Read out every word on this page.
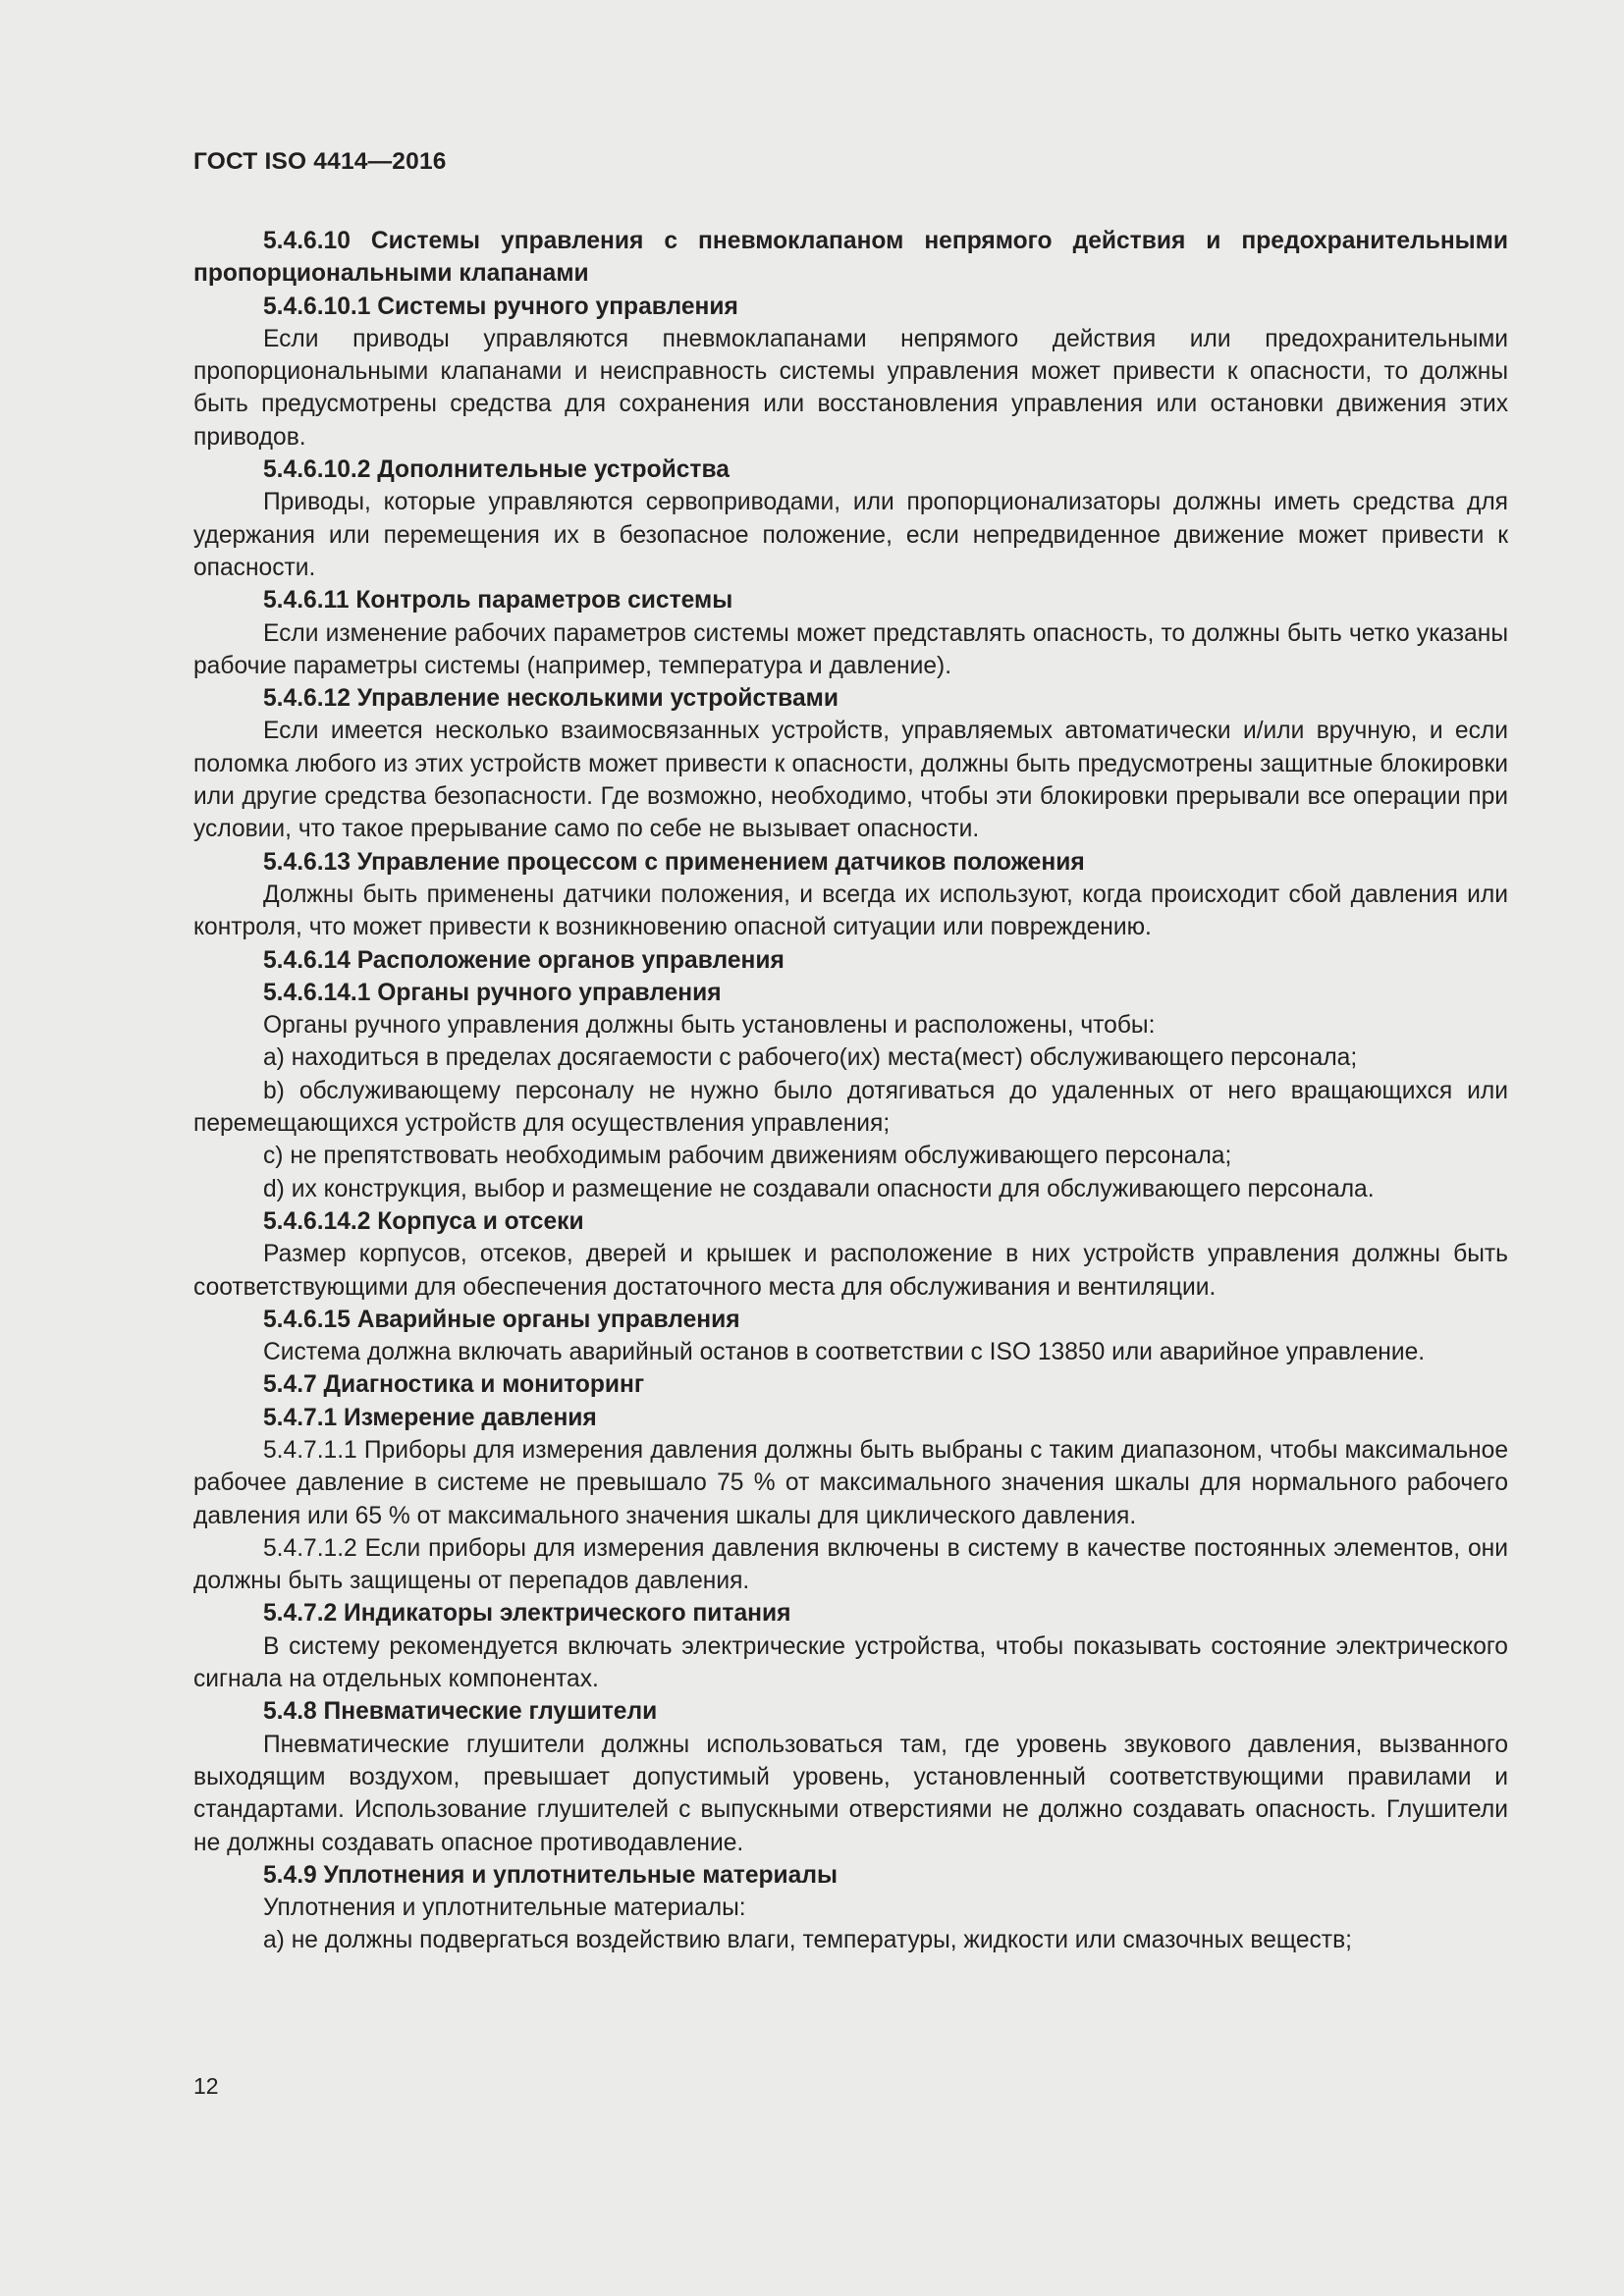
ГОСТ ISO 4414—2016

5.4.6.10 Системы управления с пневмоклапаном непрямого действия и предохранительными пропорциональными клапанами

5.4.6.10.1 Системы ручного управления

Если приводы управляются пневмоклапанами непрямого действия или предохранительными пропорциональными клапанами и неисправность системы управления может привести к опасности, то должны быть предусмотрены средства для сохранения или восстановления управления или остановки движения этих приводов.

5.4.6.10.2 Дополнительные устройства

Приводы, которые управляются сервоприводами, или пропорционализаторы должны иметь средства для удержания или перемещения их в безопасное положение, если непредвиденное движение может привести к опасности.

5.4.6.11 Контроль параметров системы

Если изменение рабочих параметров системы может представлять опасность, то должны быть четко указаны рабочие параметры системы (например, температура и давление).

5.4.6.12 Управление несколькими устройствами

Если имеется несколько взаимосвязанных устройств, управляемых автоматически и/или вручную, и если поломка любого из этих устройств может привести к опасности, должны быть предусмотрены защитные блокировки или другие средства безопасности. Где возможно, необходимо, чтобы эти блокировки прерывали все операции при условии, что такое прерывание само по себе не вызывает опасности.

5.4.6.13 Управление процессом с применением датчиков положения

Должны быть применены датчики положения, и всегда их используют, когда происходит сбой давления или контроля, что может привести к возникновению опасной ситуации или повреждению.

5.4.6.14 Расположение органов управления

5.4.6.14.1 Органы ручного управления

Органы ручного управления должны быть установлены и расположены, чтобы:

a) находиться в пределах досягаемости с рабочего(их) места(мест) обслуживающего персонала;

b) обслуживающему персоналу не нужно было дотягиваться до удаленных от него вращающихся или перемещающихся устройств для осуществления управления;

c) не препятствовать необходимым рабочим движениям обслуживающего персонала;

d) их конструкция, выбор и размещение не создавали опасности для обслуживающего персонала.

5.4.6.14.2 Корпуса и отсеки

Размер корпусов, отсеков, дверей и крышек и расположение в них устройств управления должны быть соответствующими для обеспечения достаточного места для обслуживания и вентиляции.

5.4.6.15 Аварийные органы управления

Система должна включать аварийный останов в соответствии с ISO 13850 или аварийное управление.

5.4.7 Диагностика и мониторинг

5.4.7.1 Измерение давления

5.4.7.1.1 Приборы для измерения давления должны быть выбраны с таким диапазоном, чтобы максимальное рабочее давление в системе не превышало 75 % от максимального значения шкалы для нормального рабочего давления или 65 % от максимального значения шкалы для циклического давления.

5.4.7.1.2 Если приборы для измерения давления включены в систему в качестве постоянных элементов, они должны быть защищены от перепадов давления.

5.4.7.2 Индикаторы электрического питания

В систему рекомендуется включать электрические устройства, чтобы показывать состояние электрического сигнала на отдельных компонентах.

5.4.8 Пневматические глушители

Пневматические глушители должны использоваться там, где уровень звукового давления, вызванного выходящим воздухом, превышает допустимый уровень, установленный соответствующими правилами и стандартами. Использование глушителей с выпускными отверстиями не должно создавать опасность. Глушители не должны создавать опасное противодавление.

5.4.9 Уплотнения и уплотнительные материалы

Уплотнения и уплотнительные материалы:

a) не должны подвергаться воздействию влаги, температуры, жидкости или смазочных веществ;

12
